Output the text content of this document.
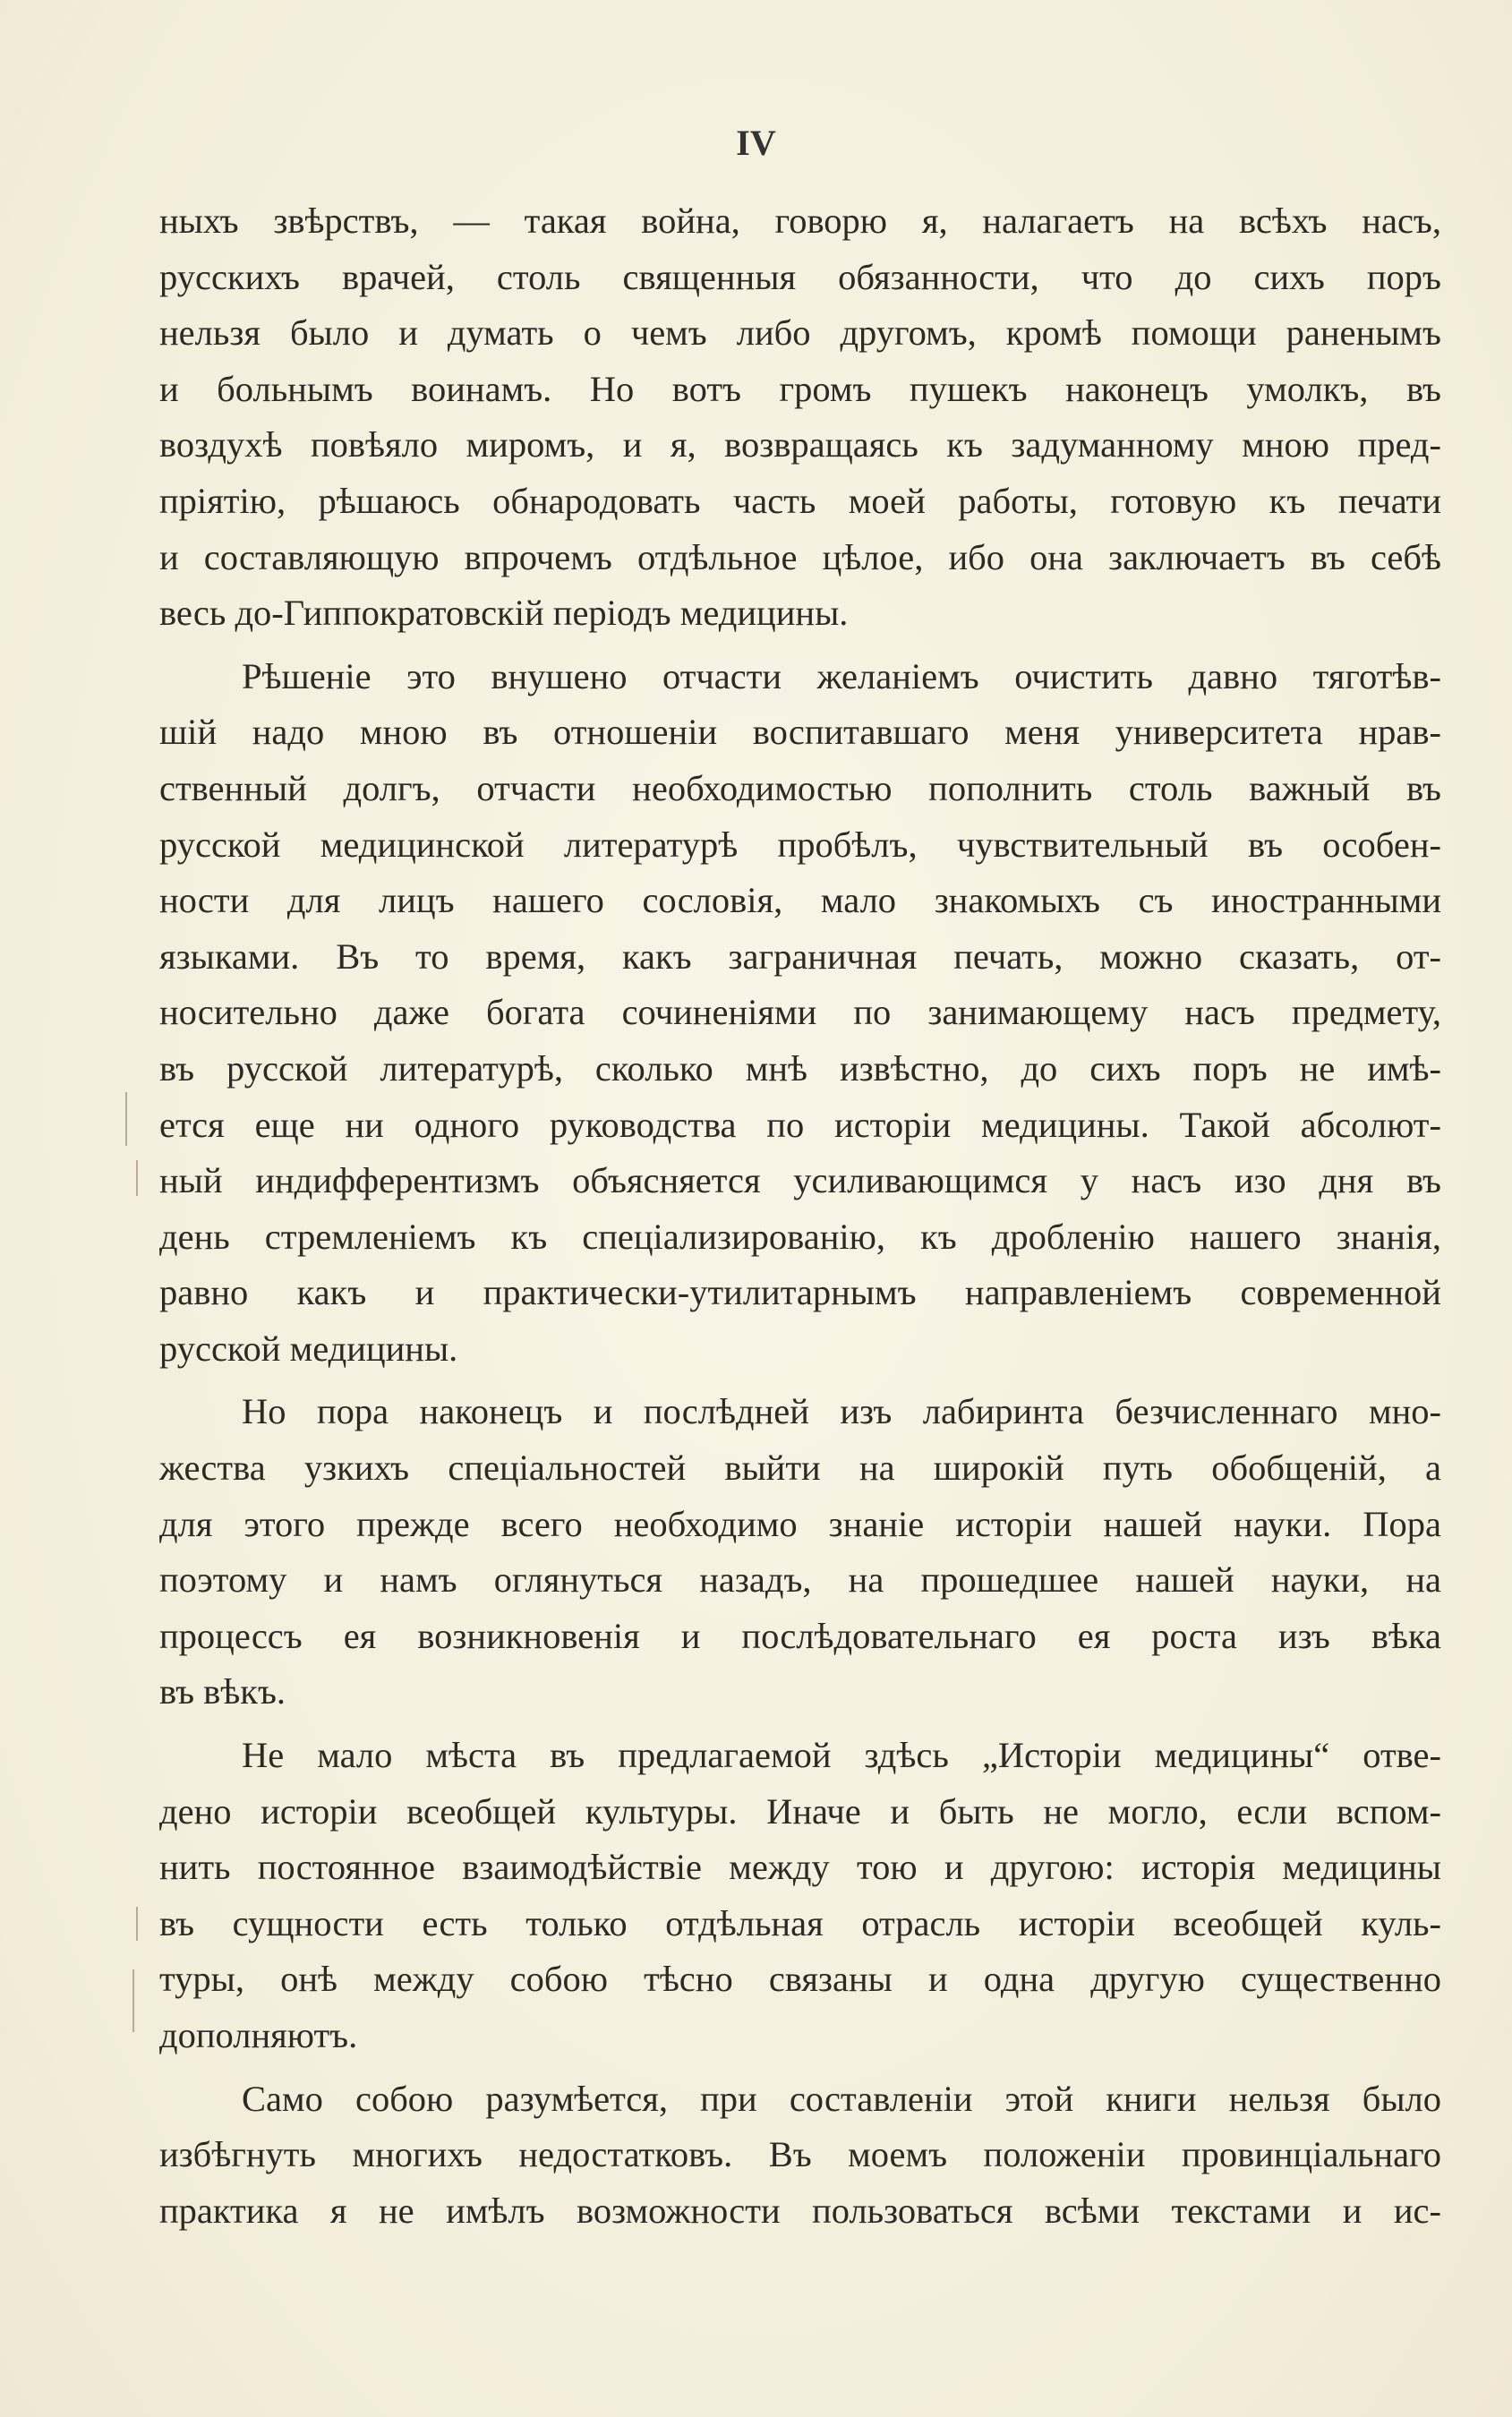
IV
ныхъ звѣрствъ, — такая война, говорю я, налагаетъ на всѣхъ насъ,
русскихъ врачей, столь священныя обязанности, что до сихъ поръ
нельзя было и думать о чемъ либо другомъ, кромѣ помощи раненымъ
и больнымъ воинамъ. Но вотъ громъ пушекъ наконецъ умолкъ, въ
воздухѣ повѣяло миромъ, и я, возвращаясь къ задуманному мною пред-
пріятію, рѣшаюсь обнародовать часть моей работы, готовую къ печати
и составляющую впрочемъ отдѣльное цѣлое, ибо она заключаетъ въ себѣ
весь до-Гиппократовскій періодъ медицины.
Рѣшеніе это внушено отчасти желаніемъ очистить давно тяготѣв-
шій надо мною въ отношеніи воспитавшаго меня университета нрав-
ственный долгъ, отчасти необходимостью пополнить столь важный въ
русской медицинской литературѣ пробѣлъ, чувствительный въ особен-
ности для лицъ нашего сословія, мало знакомыхъ съ иностранными
языками. Въ то время, какъ заграничная печать, можно сказать, от-
носительно даже богата сочиненіями по занимающему насъ предмету,
въ русской литературѣ, сколько мнѣ извѣстно, до сихъ поръ не имѣ-
ется еще ни одного руководства по исторіи медицины. Такой абсолют-
ный индифферентизмъ объясняется усиливающимся у насъ изо дня въ
день стремленіемъ къ спеціализированію, къ дробленію нашего знанія,
равно какъ и практически-утилитарнымъ направленіемъ современной
русской медицины.
Но пора наконецъ и послѣдней изъ лабиринта безчисленнаго мно-
жества узкихъ спеціальностей выйти на широкій путь обобщеній, а
для этого прежде всего необходимо знаніе исторіи нашей науки. Пора
поэтому и намъ оглянуться назадъ, на прошедшее нашей науки, на
процессъ ея возникновенія и послѣдовательнаго ея роста изъ вѣка
въ вѣкъ.
Не мало мѣста въ предлагаемой здѣсь „Исторіи медицины“ отве-
дено исторіи всеобщей культуры. Иначе и быть не могло, если вспом-
нить постоянное взаимодѣйствіе между тою и другою: исторія медицины
въ сущности есть только отдѣльная отрасль исторіи всеобщей куль-
туры, онѣ между собою тѣсно связаны и одна другую существенно
дополняютъ.
Само собою разумѣется, при составленіи этой книги нельзя было
избѣгнуть многихъ недостатковъ. Въ моемъ положеніи провинціальнаго
практика я не имѣлъ возможности пользоваться всѣми текстами и ис-
